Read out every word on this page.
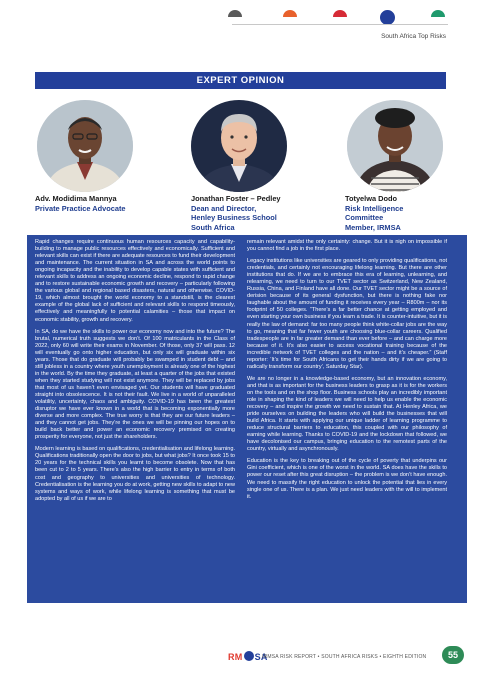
South Africa Top Risks
EXPERT OPINION
Adv. Modidima Mannya
Private Practice Advocate
Jonathan Foster – Pedley
Dean and Director,
Henley Business School
South Africa
Totyelwa Dodo
Risk Intelligence
Committee
Member, IRMSA

Rapid changes require continuous human resources capacity and capability-building to manage public resources effectively and economically. Sufficient and relevant skills can exist if there are adequate resources to fund their development and maintenance. The current situation in SA and across the world points to ongoing incapacity and the inability to develop capable states with sufficient and relevant skills to address an ongoing economic decline, respond to rapid change and to restore sustainable economic growth and recovery – particularly following the various global and regional based disasters, natural and otherwise. COVID-19, which almost brought the world economy to a standstill, is the clearest example of the global lack of sufficient and relevant skills to respond timeously, effectively and meaningfully to potential calamities – those that impact on economic stability, growth and recovery.

In SA, do we have the skills to power our economy now and into the future? The brutal, numerical truth suggests we don’t. Of 100 matriculants in the Class of 2022, only 60 will write their exams in November. Of those, only 37 will pass. 12 will eventually go onto higher education, but only six will graduate within six years. Those that do graduate will probably be swamped in student debt – and still jobless in a country where youth unemployment is already one of the highest in the world. By the time they graduate, at least a quarter of the jobs that existed when they started studying will not exist anymore. They will be replaced by jobs that most of us haven’t even envisaged yet. Our students will have graduated straight into obsolescence. It is not their fault. We live in a world of unparalleled volatility, uncertainty, chaos and ambiguity. COVID-19 has been the greatest disruptor we have ever known in a world that is becoming exponentially more diverse and more complex. The true worry is that they are our future leaders – and they cannot get jobs. They’re the ones we will be pinning our hopes on to build back better and power an economic recovery premised on creating prosperity for everyone, not just the shareholders.

Modern learning is based on qualifications, credentialisation and lifelong learning. Qualifications traditionally open the door to jobs, but what jobs? It once took 15 to 20 years for the technical skills you learnt to become obsolete. Now that has been cut to 2 to 5 years. There’s also the high barrier to entry in terms of both cost and geography to universities and universities of technology. Credentialisation is the learning you do at work, getting new skills to adapt to new systems and ways of work, while lifelong learning is something that must be adopted by all of us if we are to

remain relevant amidst the only certainty: change. But it is nigh on impossible if you cannot find a job in the first place.

Legacy institutions like universities are geared to only providing qualifications, not credentials, and certainly not encouraging lifelong learning. But there are other institutions that do. If we are to embrace this era of learning, unlearning, and relearning, we need to turn to our TVET sector as Switzerland, New Zealand, Russia, China, and Finland have all done. Our TVET sector might be a source of derision because of its general dysfunction, but there is nothing fake nor laughable about the amount of funding it receives every year – R800m – nor its footprint of 50 colleges. “There’s a far better chance at getting employed and even starting your own business if you learn a trade. It is counter-intuitive, but it is really the law of demand: far too many people think white-collar jobs are the way to go, meaning that far fewer youth are choosing blue-collar careers. Qualified tradespeople are in far greater demand than ever before – and can charge more because of it. It’s also easier to access vocational training because of the incredible network of TVET colleges and the nation – and it’s cheaper.” (Staff reporter: ‘It’s time for South Africans to get their hands dirty if we are going to radically transform our country’, Saturday Star).

We are no longer in a knowledge-based economy, but an innovation economy, and that is as important for the business leaders to grasp as it is for the workers on the tools and on the shop floor. Business schools play an incredibly important role in shaping the kind of leaders we will need to help us enable the economic recovery – and inspire the growth we need to sustain that. At Henley Africa, we pride ourselves on building the leaders who will build the businesses that will build Africa. It starts with applying our unique ladder of learning programme to reduce structural barriers to education, this coupled with our philosophy of earning while learning. Thanks to COVID-19 and the lockdown that followed, we have decolonised our campus, bringing education to the remotest parts of the country, virtually and asynchronously.

Education is the key to breaking out of the cycle of poverty that underpins our Gini coefficient, which is one of the worst in the world. SA does have the skills to power our reset after this great disruption – the problem is we don’t have enough. We need to massify the right education to unlock the potential that lies in every single one of us. There is a plan. We just need leaders with the will to implement it.

RM SA
IRMSA RISK REPORT • SOUTH AFRICA RISKS • EIGHTH EDITION	55
